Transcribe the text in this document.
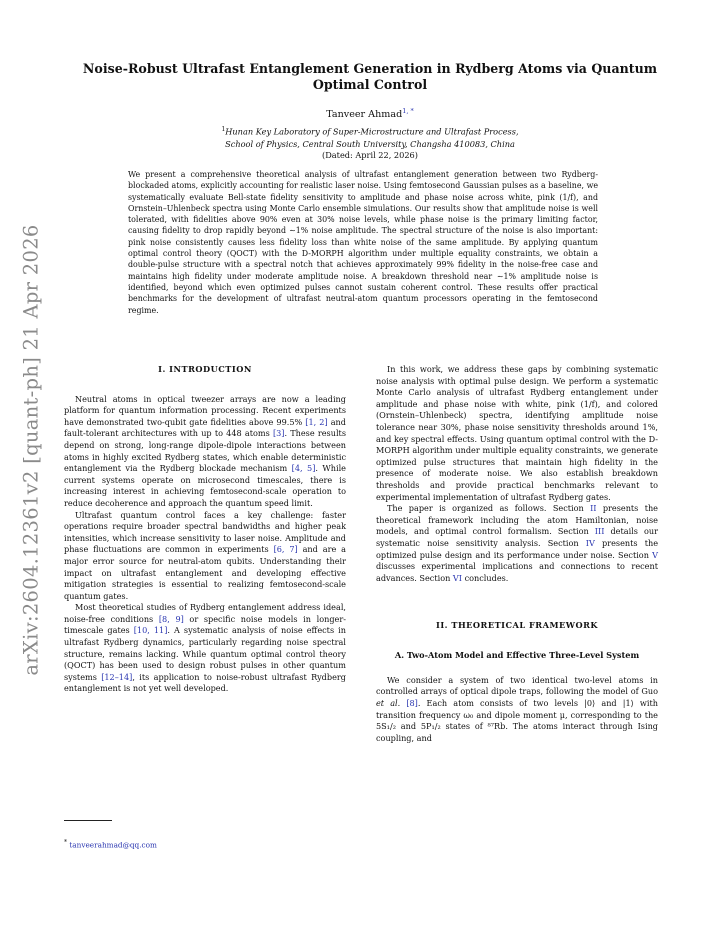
arXiv:2604.12361v2 [quant-ph] 21 Apr 2026
Noise-Robust Ultrafast Entanglement Generation in Rydberg Atoms via Quantum Optimal Control
Tanveer Ahmad$^{1, *}$
$^1$Hunan Key Laboratory of Super-Microstructure and Ultrafast Process,
School of Physics, Central South University, Changsha 410083, China
(Dated: April 22, 2026)
We present a comprehensive theoretical analysis of ultrafast entanglement generation between two Rydberg-blockaded atoms, explicitly accounting for realistic laser noise. Using femtosecond Gaussian pulses as a baseline, we systematically evaluate Bell-state fidelity sensitivity to amplitude and phase noise across white, pink (1/f), and Ornstein–Uhlenbeck spectra using Monte Carlo ensemble simulations. Our results show that amplitude noise is well tolerated, with fidelities above 90% even at 30% noise levels, while phase noise is the primary limiting factor, causing fidelity to drop rapidly beyond ∼1% noise amplitude. The spectral structure of the noise is also important: pink noise consistently causes less fidelity loss than white noise of the same amplitude. By applying quantum optimal control theory (QOCT) with the D-MORPH algorithm under multiple equality constraints, we obtain a double-pulse structure with a spectral notch that achieves approximately 99% fidelity in the noise-free case and maintains high fidelity under moderate amplitude noise. A breakdown threshold near ∼1% amplitude noise is identified, beyond which even optimized pulses cannot sustain coherent control. These results offer practical benchmarks for the development of ultrafast neutral-atom quantum processors operating in the femtosecond regime.
I. INTRODUCTION

Neutral atoms in optical tweezer arrays are now a leading platform for quantum information processing. Recent experiments have demonstrated two-qubit gate fidelities above 99.5% [1, 2] and fault-tolerant architectures with up to 448 atoms [3]. These results depend on strong, long-range dipole-dipole interactions between atoms in highly excited Rydberg states, which enable deterministic entanglement via the Rydberg blockade mechanism [4, 5]. While current systems operate on microsecond timescales, there is increasing interest in achieving femtosecond-scale operation to reduce decoherence and approach the quantum speed limit.

Ultrafast quantum control faces a key challenge: faster operations require broader spectral bandwidths and higher peak intensities, which increase sensitivity to laser noise. Amplitude and phase fluctuations are common in experiments [6, 7] and are a major error source for neutral-atom qubits. Understanding their impact on ultrafast entanglement and developing effective mitigation strategies is essential to realizing femtosecond-scale quantum gates.

Most theoretical studies of Rydberg entanglement address ideal, noise-free conditions [8, 9] or specific noise models in longer-timescale gates [10, 11]. A systematic analysis of noise effects in ultrafast Rydberg dynamics, particularly regarding noise spectral structure, remains lacking. While quantum optimal control theory (QOCT) has been used to design robust pulses in other quantum systems [12–14], its application to noise-robust ultrafast Rydberg entanglement is not yet well developed.

In this work, we address these gaps by combining systematic noise analysis with optimal pulse design. We perform a systematic Monte Carlo analysis of ultrafast Rydberg entanglement under amplitude and phase noise with white, pink (1/f), and colored (Ornstein–Uhlenbeck) spectra, identifying amplitude noise tolerance near 30%, phase noise sensitivity thresholds around 1%, and key spectral effects. Using quantum optimal control with the D-MORPH algorithm under multiple equality constraints, we generate optimized pulse structures that maintain high fidelity in the presence of moderate noise. We also establish breakdown thresholds and provide practical benchmarks relevant to experimental implementation of ultrafast Rydberg gates.

The paper is organized as follows. Section II presents the theoretical framework including the atom Hamiltonian, noise models, and optimal control formalism. Section III details our systematic noise sensitivity analysis. Section IV presents the optimized pulse design and its performance under noise. Section V discusses experimental implications and connections to recent advances. Section VI concludes.

II. THEORETICAL FRAMEWORK
A. Two-Atom Model and Effective Three-Level System

We consider a system of two identical two-level atoms in controlled arrays of optical dipole traps, following the model of Guo et al. [8]. Each atom consists of two levels |0⟩ and |1⟩ with transition frequency ω₀ and dipole moment μ, corresponding to the 5S₁/₂ and 5P₁/₂ states of ⁸⁷Rb. The atoms interact through Ising coupling, and

* tanveerahmad@qq.com
